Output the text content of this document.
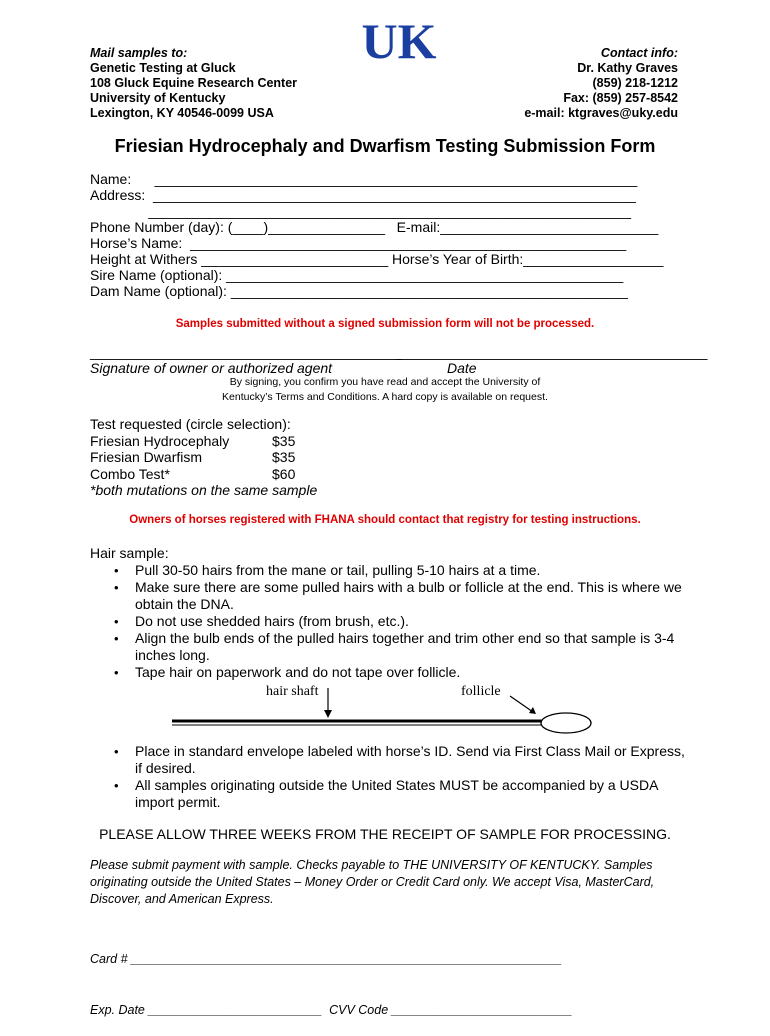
Mail samples to:
Genetic Testing at Gluck
108 Gluck Equine Research Center
University of Kentucky
Lexington, KY 40546-0099 USA
UK	Contact info:
Dr. Kathy Graves
(859) 218-1212
Fax: (859) 257-8542
e-mail: ktgraves@uky.edu
Friesian Hydrocephaly and Dwarfism Testing Submission Form
Name:      ______________________________________________________________
Address:  ______________________________________________________________
______________________________________________________________
Phone Number (day): (____)_______________   E-mail:____________________________
Horse’s Name:  ________________________________________________________
Height at Withers ________________________ Horse’s Year of Birth:__________________
Sire Name (optional): ___________________________________________________
Dam Name (optional): ___________________________________________________
Samples submitted without a signed submission form will not be processed.
________________________________________
________________________________________
Signature of owner or authorized agent	Date
By signing, you confirm you have read and accept the University of
Kentucky’s Terms and Conditions. A hard copy is available on request.
Test requested (circle selection):
Friesian Hydrocephaly	$35
Friesian Dwarfism	$35
Combo Test*	$60
*both mutations on the same sample
Owners of horses registered with FHANA should contact that registry for testing instructions.
Hair sample:
• Pull 30-50 hairs from the mane or tail, pulling 5-10 hairs at a time.
• Make sure there are some pulled hairs with a bulb or follicle at the end. This is where we obtain the DNA.
• Do not use shedded hairs (from brush, etc.).
• Align the bulb ends of the pulled hairs together and trim other end so that sample is 3-4 inches long.
• Tape hair on paperwork and do not tape over follicle.
hair shaft	follicle
• Place in standard envelope labeled with horse’s ID. Send via First Class Mail or Express, if desired.
• All samples originating outside the United States MUST be accompanied by a USDA import permit.
PLEASE ALLOW THREE WEEKS FROM THE RECEIPT OF SAMPLE FOR PROCESSING.
Please submit payment with sample. Checks payable to THE UNIVERSITY OF KENTUCKY. Samples originating outside the United States – Money Order or Credit Card only. We accept Visa, MasterCard, Discover, and American Express.

Card # ______________________________________________________________

Exp. Date _________________________  CVV Code __________________________
